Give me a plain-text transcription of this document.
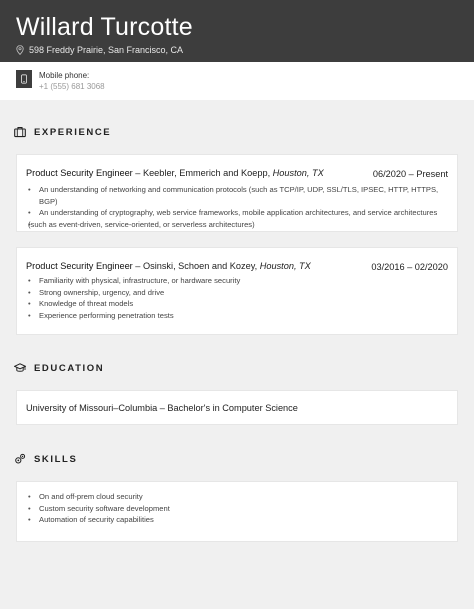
Willard Turcotte
598 Freddy Prairie, San Francisco, CA
Mobile phone:
+1 (555) 681 3068
EXPERIENCE
Product Security Engineer – Keebler, Emmerich and Koepp, Houston, TX	06/2020 – Present
• An understanding of networking and communication protocols (such as TCP/IP, UDP, SSL/TLS, IPSEC, HTTP, HTTPS, BGP)
• An understanding of cryptography, web service frameworks, mobile application architectures, and service architectures
• (such as event-driven, service-oriented, or serverless architectures)
Product Security Engineer – Osinski, Schoen and Kozey, Houston, TX	03/2016 – 02/2020
• Familiarity with physical, infrastructure, or hardware security
• Strong ownership, urgency, and drive
• Knowledge of threat models
• Experience performing penetration tests
EDUCATION
University of Missouri–Columbia – Bachelor's in Computer Science
SKILLS
• On and off-prem cloud security
• Custom security software development
• Automation of security capabilities
